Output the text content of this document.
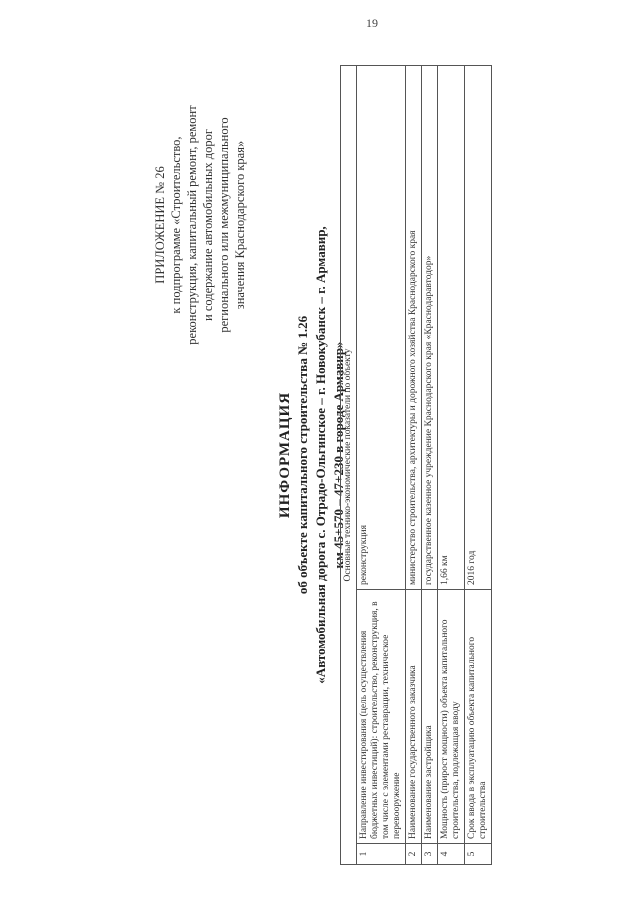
19
ПРИЛОЖЕНИЕ № 26 к подпрограмме «Строительство, реконструкция, капитальный ремонт, ремонт и содержание автомобильных дорог регионального или межмуниципального значения Краснодарского края»
ИНФОРМАЦИЯ об объекте капитального строительства № 1.26 «Автомобильная дорога с. Отрадо-Ольгинское – г. Новокубанск – г. Армавир, км 45+570 – 47+230 в городе Армавир»
Основные технико-экономические показатели по объекту		
1	Направление инвестирования (цель осуществления бюджетных инвестиций): строительство, реконструкция, в том числе с элементами реставрации, техническое перевооружение	реконструкция
2	Наименование государственного заказчика	министерство строительства, архитектуры и дорожного хозяйства Краснодарского края
3	Наименование застройщика	государственное казенное учреждение Краснодарского края «Краснодаравтодор»
4	Мощность (прирост мощности) объекта капитального строительства, подлежащая вводу	1,66 км
5	Срок ввода в эксплуатацию объекта капитального строительства	2016 год
